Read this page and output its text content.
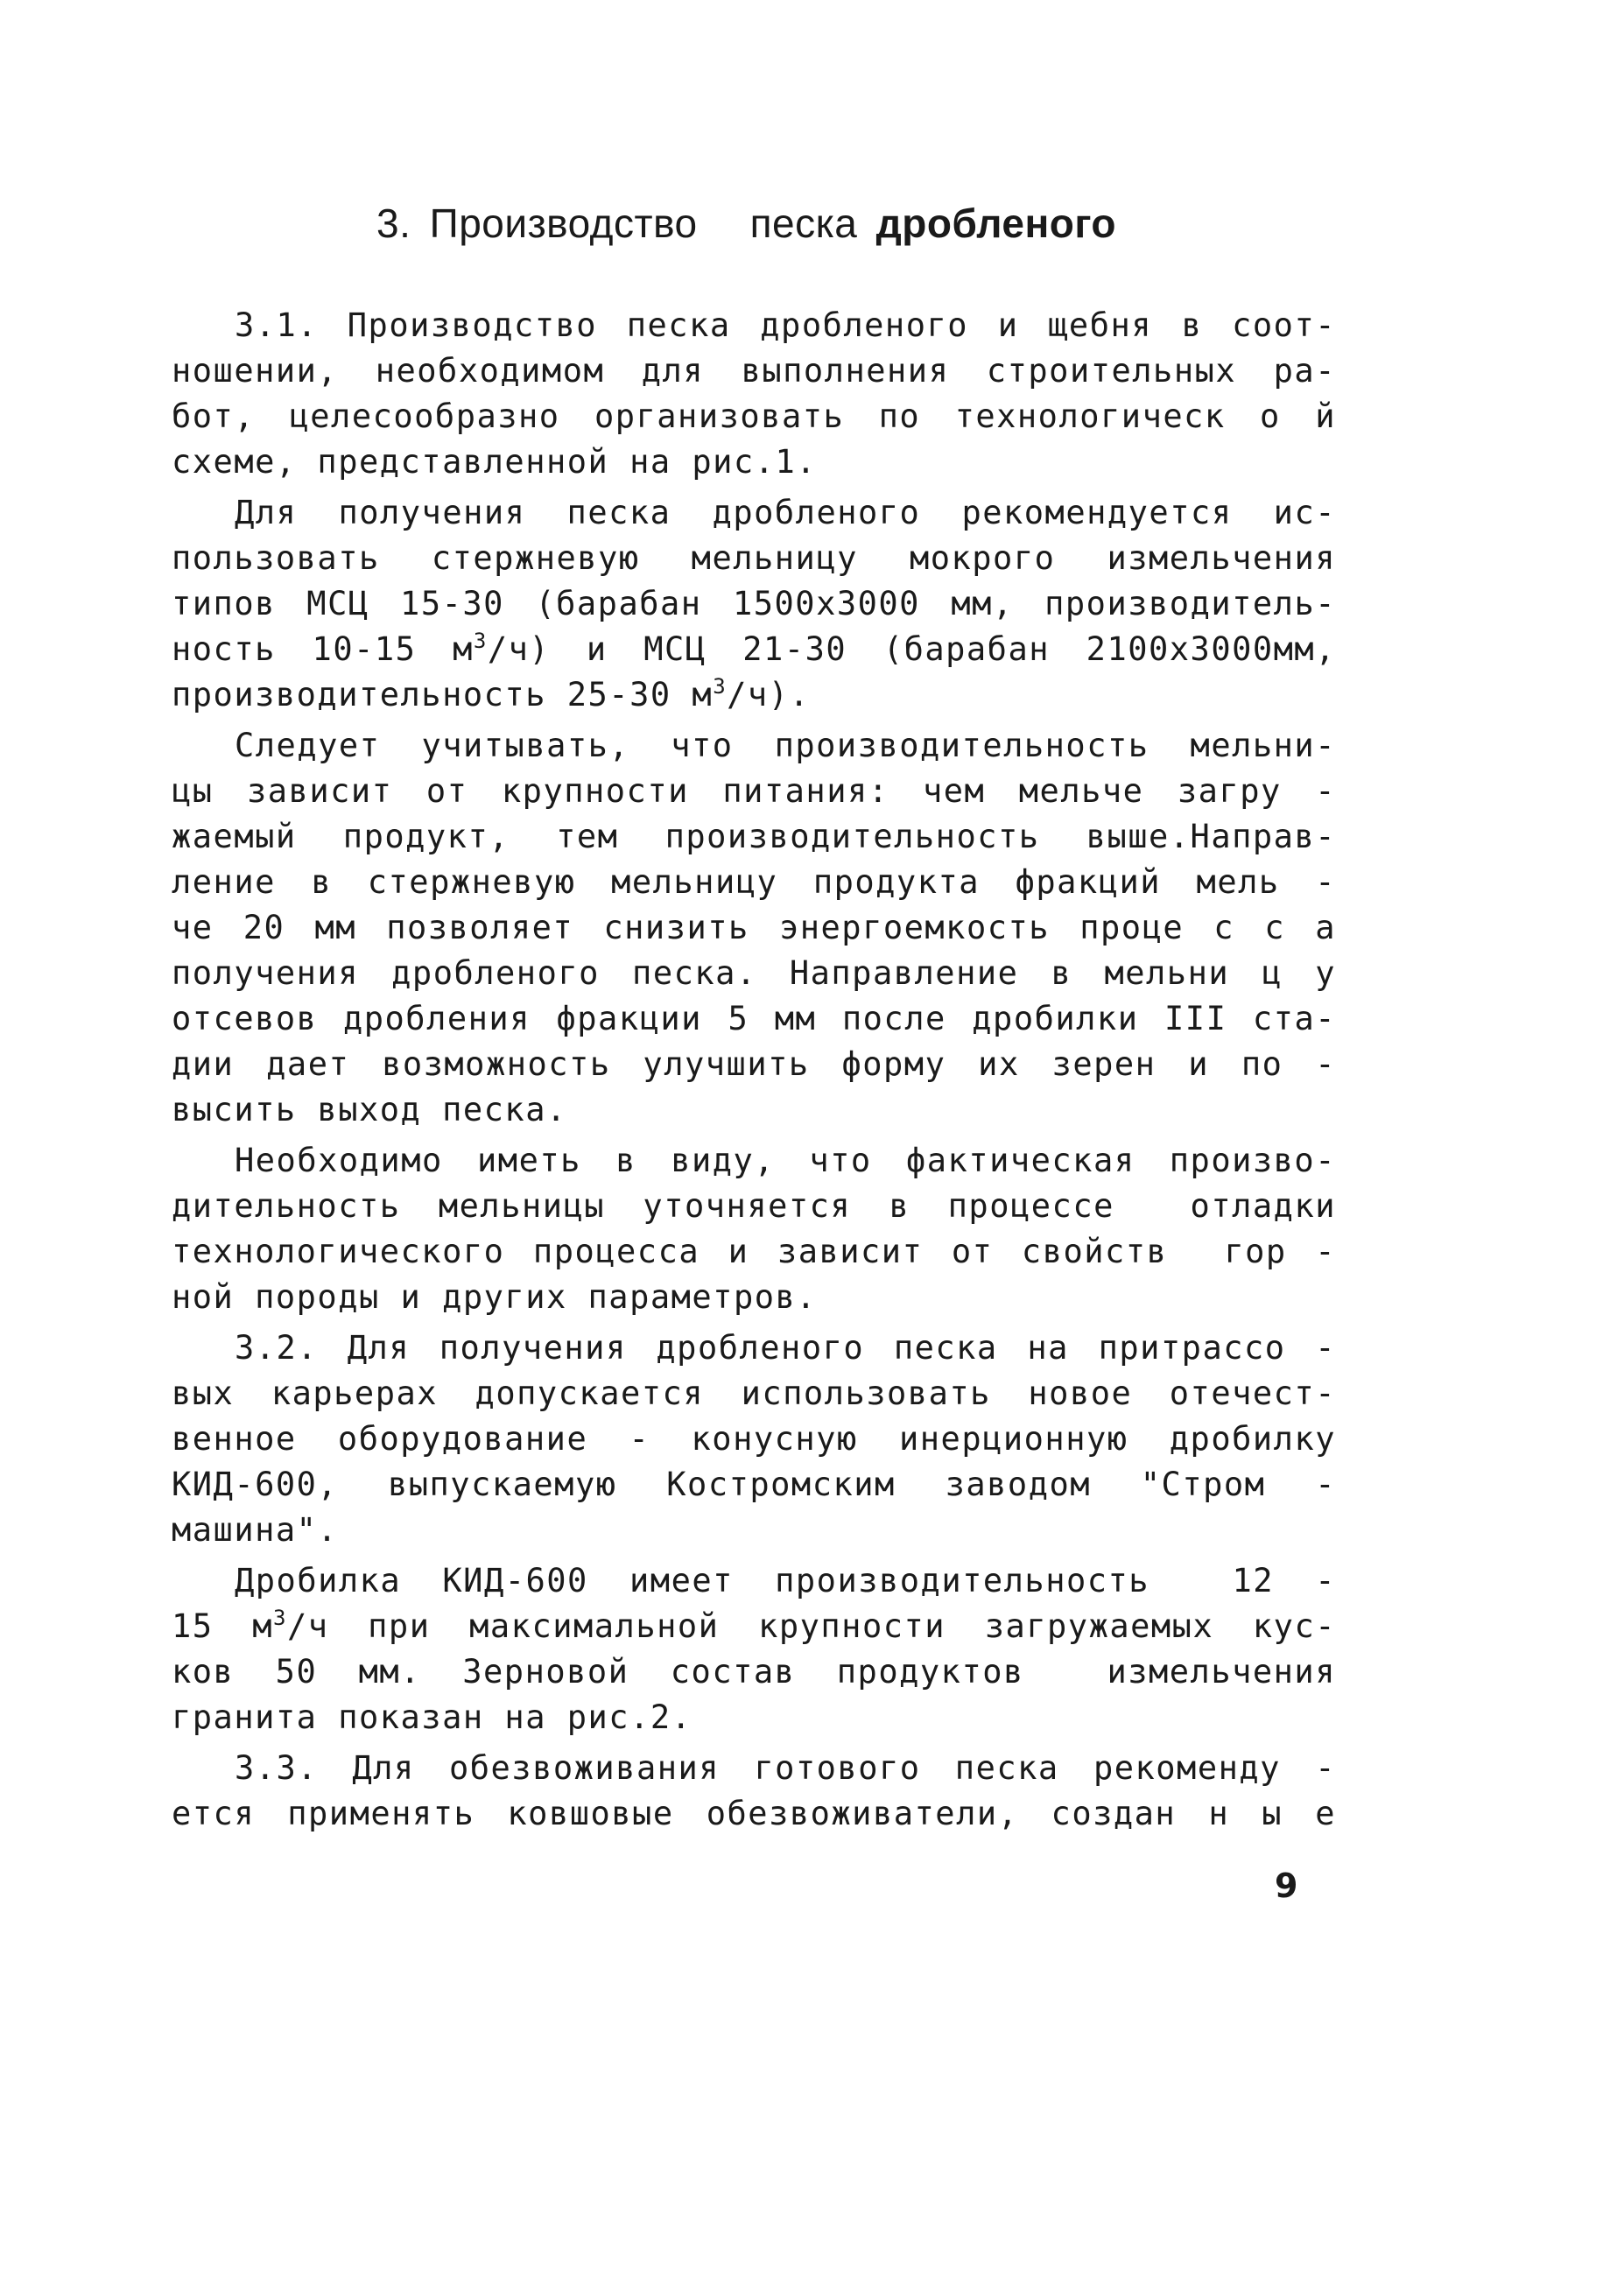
3. Производство песка дробленого
3.1. Производство песка дробленого и щебня в соот-
ношении, необходимом для выполнения строительных ра-
бот, целесообразно организовать по технологическ о й
схеме, представленной на рис.1.
Для получения песка дробленого рекомендуется ис-
пользовать стержневую мельницу мокрого измельчения
типов МСЦ 15-30 (барабан 1500х3000 мм, производитель-
ность 10-15 $м^3/ч$) и МСЦ 21-30 (барабан 2100х3000мм,
производительность 25-30 $м^3/ч$).
Следует учитывать, что производительность мельни-
цы зависит от крупности питания: чем мельче загру -
жаемый продукт, тем производительность выше.Направ-
ление в стержневую мельницу продукта фракций мель -
че 20 мм позволяет снизить энергоемкость проце с с а
получения дробленого песка. Направление в мельни ц у
отсевов дробления фракции 5 мм после дробилки III ста-
дии дает возможность улучшить форму их зерен и по -
высить выход песка.
Необходимо иметь в виду, что фактическая произво-
дительность мельницы уточняется в процессе  отладки
технологического процесса и зависит от свойств  гор -
ной породы и других параметров.
3.2. Для получения дробленого песка на притрассо -
вых карьерах допускается использовать новое отечест-
венное оборудование - конусную инерционную дробилку
КИД-600, выпускаемую Костромским заводом "Стром -
машина".
Дробилка КИД-600 имеет производительность  12 -
15 $м^3/ч$ при максимальной крупности загружаемых кус-
ков 50 мм. Зерновой состав продуктов  измельчения
гранита показан на рис.2.
3.3. Для обезвоживания готового песка рекоменду -
ется применять ковшовые обезвоживатели, создан н ы е
9
